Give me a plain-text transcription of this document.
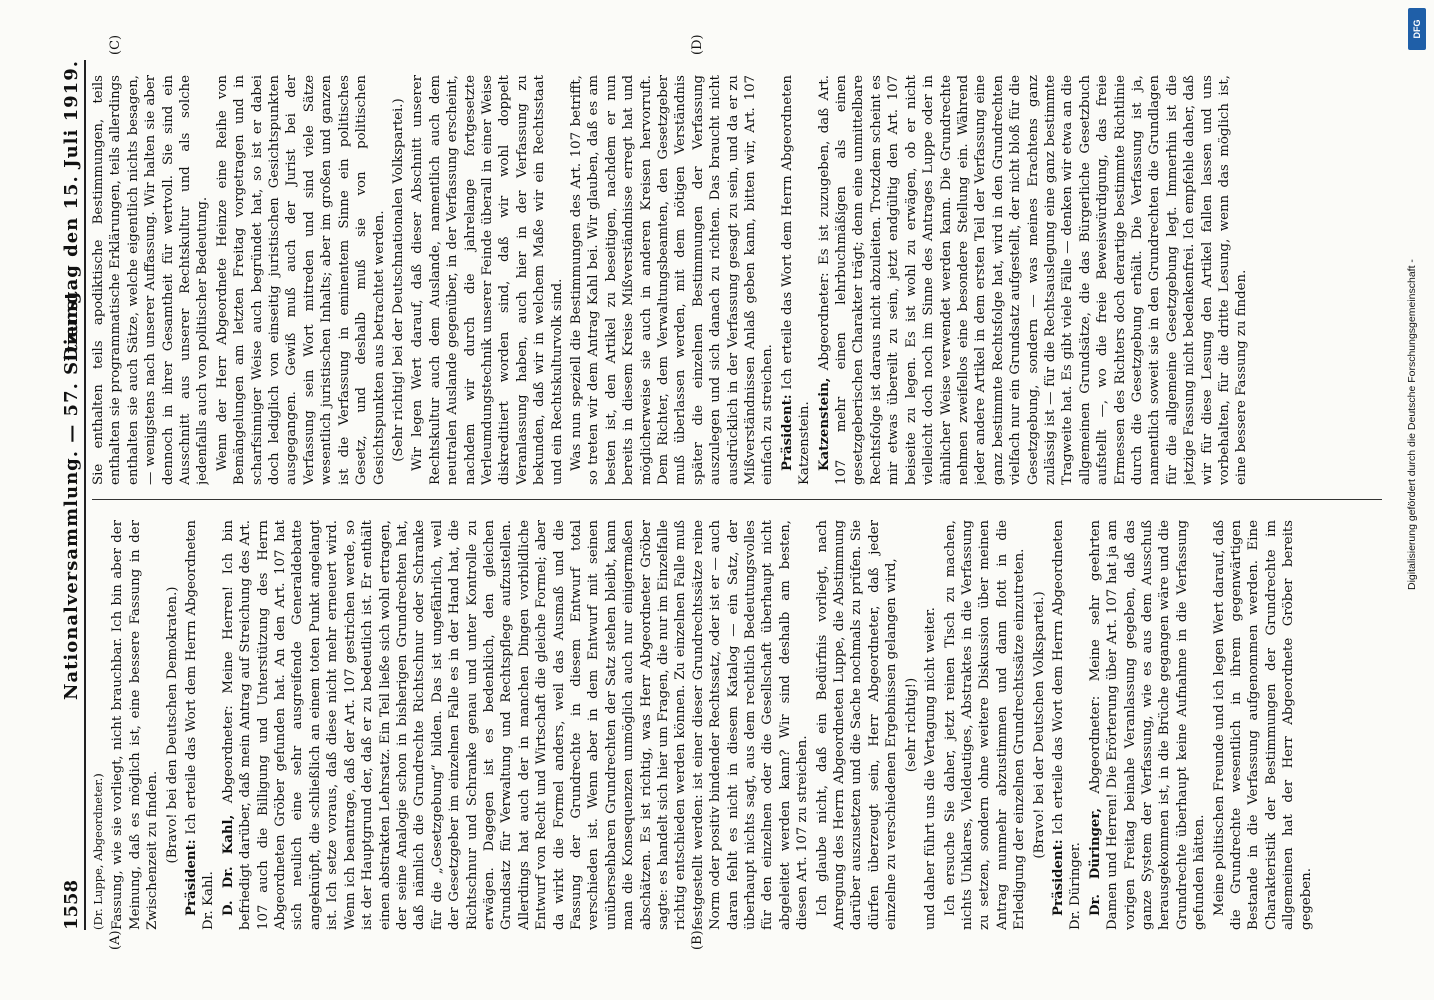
1558
Nationalversammlung. — 57. Sitzung.
Dienstag den 15. Juli 1919.
(A)	(B)
(C)	(D)

(Dr. Luppe, Abgeordneter.) Fassung, wie sie vorliegt, nicht brauchbar. Ich bin aber der Meinung, daß es möglich ist, eine bessere Fassung in der Zwischenzeit zu finden. (Bravo! bei den Deutschen Demokraten.)

Präsident: Ich erteile das Wort dem Herrn Abgeordneten Dr. Kahl. D. Dr. Kahl, Abgeordneter: Meine Herren! Ich bin befriedigt darüber, daß mein Antrag auf Streichung des Art. 107 auch die Billigung und Unterstützung des Herrn Abgeordneten Gröber gefunden hat. An den Art. 107 hat sich neulich eine sehr ausgreifende Generaldebatte angeknüpft, die schließlich an einem toten Punkt angelangt ist. Ich setze voraus, daß diese nicht mehr erneuert wird. Wenn ich beantrage, daß der Art. 107 gestrichen werde, so ist der Hauptgrund der, daß er zu bedeutlich ist. Er enthält einen abstrakten Lehrsatz. Ein Teil ließe sich wohl ertragen, der seine Analogie schon in bisherigen Grundrechten hat, daß nämlich die Grundrechte Richtschnur oder Schranke für die „Gesetzgebung“ bilden. Das ist ungefährlich, weil der Gesetzgeber im einzelnen Falle es in der Hand hat, die Richtschnur und Schranke genau und unter Kontrolle zu erwägen. Dagegen ist es bedenklich, den gleichen Grundsatz für Verwaltung und Rechtspflege aufzustellen. Allerdings hat auch der in manchen Dingen vorbildliche Entwurf von Recht und Wirtschaft die gleiche Formel; aber da wirkt die Formel anders, weil das Ausmaß und die Fassung der Grundrechte in diesem Entwurf total verschieden ist. Wenn aber in dem Entwurf mit seinen unübersehbaren Grundrechten der Satz stehen bleibt, kann man die Konsequenzen unmöglich auch nur einigermaßen abschätzen. Es ist richtig, was Herr Abgeordneter Gröber sagte: es handelt sich hier um Fragen, die nur im Einzelfalle richtig entschieden werden können. Zu einzelnen Falle muß festgestellt werden: ist einer dieser Grundrechtssätze reine Norm oder positiv bindender Rechtssatz, oder ist er — auch daran fehlt es nicht in diesem Katalog — ein Satz, der überhaupt nichts sagt, aus dem rechtlich Bedeutungsvolles für den einzelnen oder die Gesellschaft überhaupt nicht abgeleitet werden kann? Wir sind deshalb am besten, diesen Art. 107 zu streichen. Ich glaube nicht, daß ein Bedürfnis vorliegt, nach Anregung des Herrn Abgeordneten Luppe, die Abstimmung darüber auszusetzen und die Sache nochmals zu prüfen. Sie dürfen überzeugt sein, Herr Abgeordneter, daß jeder einzelne zu verschiedenen Ergebnissen gelangen wird, (sehr richtig!) und daher führt uns die Vertagung nicht weiter. Ich ersuche Sie daher, jetzt reinen Tisch zu machen, nichts Unklares, Vieldeutiges, Abstraktes in die Verfassung zu setzen, sondern ohne weitere Diskussion über meinen Antrag nunmehr abzustimmen und dann flott in die Erledigung der einzelnen Grundrechtssätze einzutreten. (Bravo! bei der Deutschen Volkspartei.)

Präsident: Ich erteile das Wort dem Herrn Abgeordneten Dr. Düringer. Dr. Düringer, Abgeordneter: Meine sehr geehrten Damen und Herren! Die Erörterung über Art. 107 hat ja am vorigen Freitag beinahe Veranlassung gegeben, daß das ganze System der Verfassung, wie es aus dem Ausschuß herausgekommen ist, in die Brüche gegangen wäre und die Grundrechte überhaupt keine Aufnahme in die Verfassung gefunden hätten. Meine politischen Freunde und ich legen Wert darauf, daß die Grundrechte wesentlich in ihrem gegenwärtigen Bestande in die Verfassung aufgenommen werden. Eine Charakteristik der Bestimmungen der Grundrechte im allgemeinen hat der Herr Abgeordnete Gröber bereits gegeben.

Sie enthalten teils apodiktische Bestimmungen, teils enthalten sie programmatische Erklärungen, teils allerdings enthalten sie auch Sätze, welche eigentlich nichts besagen, — wenigstens nach unserer Auffassung. Wir halten sie aber dennoch in ihrer Gesamtheit für wertvoll. Sie sind ein Ausschnitt aus unserer Rechtskultur und als solche jedenfalls auch von politischer Bedeutung. Wenn der Herr Abgeordnete Heinze eine Reihe von Bemängelungen am letzten Freitag vorgetragen und in scharfsinniger Weise auch begründet hat, so ist er dabei doch lediglich von einseitig juristischen Gesichtspunkten ausgegangen. Gewiß muß auch der Jurist bei der Verfassung sein Wort mitreden und sind viele Sätze wesentlich juristischen Inhalts; aber im großen und ganzen ist die Verfassung in eminentem Sinne ein politisches Gesetz, und deshalb muß sie von politischen Gesichtspunkten aus betrachtet werden. (Sehr richtig! bei der Deutschnationalen Volkspartei.) Wir legen Wert darauf, daß dieser Abschnitt unserer Rechtskultur auch dem Auslande, namentlich auch dem neutralen Auslande gegenüber, in der Verfassung erscheint, nachdem wir durch die jahrelange fortgesetzte Verleumdungstechnik unserer Feinde überall in einer Weise diskreditiert worden sind, daß wir wohl doppelt Veranlassung haben, auch hier in der Verfassung zu bekunden, daß wir in welchem Maße wir ein Rechtsstaat und ein Rechtskulturvolk sind. Was nun speziell die Bestimmungen des Art. 107 betrifft, so treten wir dem Antrag Kahl bei. Wir glauben, daß es am besten ist, den Artikel zu beseitigen, nachdem er nun bereits in diesem Kreise Mißverständnisse erregt hat und möglicherweise sie auch in anderen Kreisen hervorruft. Dem Richter, dem Verwaltungsbeamten, den Gesetzgeber muß überlassen werden, mit dem nötigen Verständnis später die einzelnen Bestimmungen der Verfassung auszulegen und sich danach zu richten. Das braucht nicht ausdrücklich in der Verfassung gesagt zu sein, und da er zu Mißverständnissen Anlaß geben kann, bitten wir, Art. 107 einfach zu streichen. Präsident: Ich erteile das Wort dem Herrn Abgeordneten Katzenstein. Katzenstein, Abgeordneter: Es ist zuzugeben, daß Art. 107 mehr einen lehrbuchmäßigen als einen gesetzgeberischen Charakter trägt; denn eine unmittelbare Rechtsfolge ist daraus nicht abzuleiten. Trotzdem scheint es mir etwas übereilt zu sein, jetzt endgültig den Art. 107 beiseite zu legen. Es ist wohl zu erwägen, ob er nicht vielleicht doch noch im Sinne des Antrages Luppe oder in ähnlicher Weise verwendet werden kann. Die Grundrechte nehmen zweifellos eine besondere Stellung ein. Während jeder andere Artikel in dem ersten Teil der Verfassung eine ganz bestimmte Rechtsfolge hat, wird in den Grundrechten vielfach nur ein Grundsatz aufgestellt, der nicht bloß für die Gesetzgebung, sondern — was meines Erachtens ganz zulässig ist — für die Rechtsauslegung eine ganz bestimmte Tragweite hat. Es gibt viele Fälle — denken wir etwa an die allgemeinen Grundsätze, die das Bürgerliche Gesetzbuch aufstellt —, wo die freie Beweiswürdigung, das freie Ermessen des Richters doch derartige bestimmte Richtlinie durch die Gesetzgebung erhält. Die Verfassung ist ja, namentlich soweit sie in den Grundrechten die Grundlagen für die allgemeine Gesetzgebung legt. Immerhin ist die jetzige Fassung nicht bedenkenfrei. Ich empfehle daher, daß wir für diese Lesung den Artikel fallen lassen und uns vorbehalten, für die dritte Lesung, wenn das möglich ist, eine bessere Fassung zu finden.

DFG
Digitalisierung gefördert durch die Deutsche Forschungsgemeinschaft -
